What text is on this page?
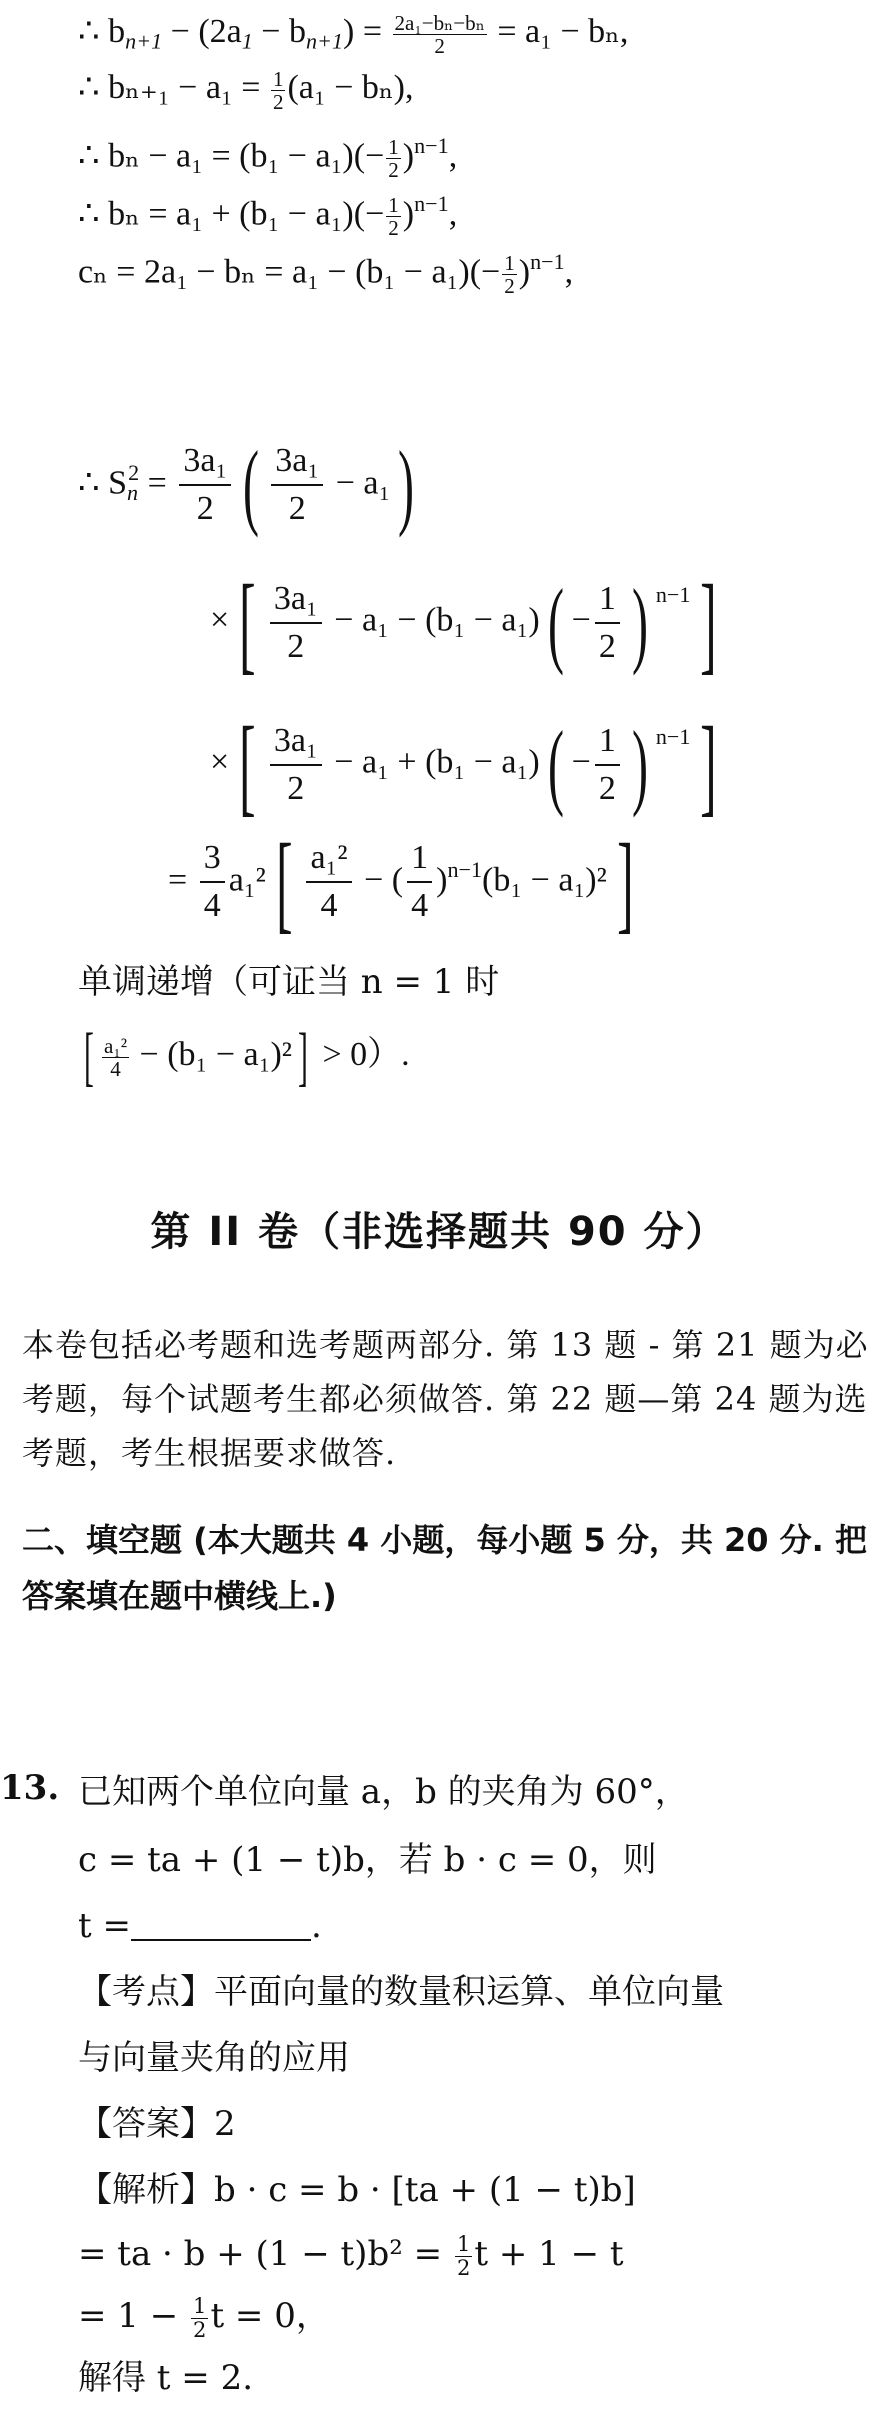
∴ $b_{n+1} - (2a_1 - b_{n+1}) = \frac{\text{2a₁−bₙ−bₙ}}{2} = a_1 - b_n$,
∴ $b_{n+1} - a_1 = \frac{1}{2} (a_1 - b_n)$,
∴ $b_n - a_1 = (b_1 - a_1)(- \frac{1}{2} )^{n-1}$,
∴ $b_n = a_1 + (b_1 - a_1)(- \frac{1}{2} )^{n-1}$,
$c_n = 2a_1 - b_n = a_1 - (b_1 - a_1)(- \frac{1}{2} )^{n-1}$,
∴ $S_n^2 = \frac{\text{3a₁}}{2}$ ( $\frac{\text{3a₁}}{2} - a_1$)
×[ $\frac{\text{3a₁}}{2} - a_1 - (b_1 - a_1)( - \frac{1}{2}$ ) $^{n-1}$]
×[ $\frac{\text{3a₁}}{2} - a_1 + (b_1 - a_1)( - \frac{1}{2}$ ) $^{n-1}$]
= $\frac{3}{4} a_1^2[ \frac{\text{a₁²}}{4}$ − ( $\frac{1}{4} )^{n-1}(b_1 - a_1)^2$]
单调递增（可证当 n = 1 时
[ $\frac{\text{a₁²}}{4} - (b_1 - a_1)^2] > 0$）.
第 II 卷（非选择题共 90 分）
本卷包括必考题和选考题两部分. 第 13 题 - 第 21 题为必考题，每个试题考生都必须做答. 第 22 题—第 24 题为选考题，考生根据要求做答.
二、填空题 (本大题共 4 小题，每小题 5 分，共 20 分. 把答案填在题中横线上.)
13. 已知两个单位向量 a，b 的夹角为 60°，
c = ta + (1 − t)b，若 b · c = 0，则
t =	.
【考点】平面向量的数量积运算、单位向量
与向量夹角的应用
【答案】2
【解析】b · c = b · [ta + (1 − t)b]
= ta · $b + (1 - t)b^2 = \frac{1}{2}$ t + 1 − t
= $1 - \frac{1}{2}$ t = 0，
解得 t = 2.
